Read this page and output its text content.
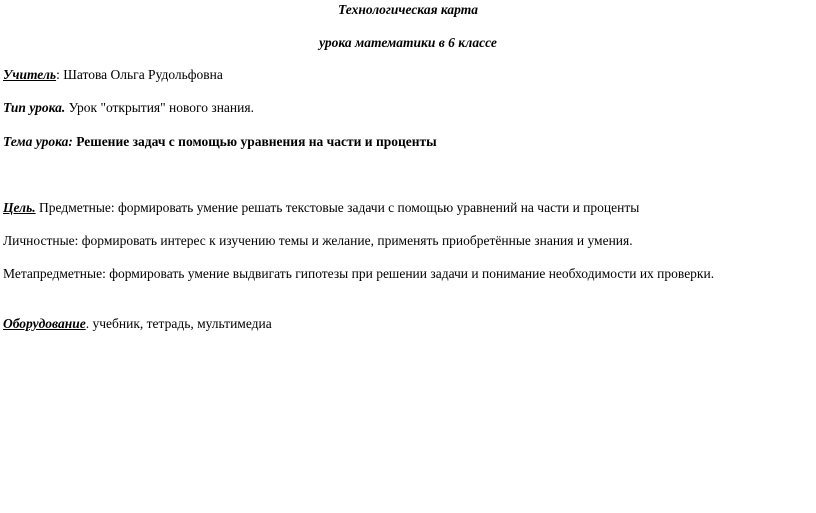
Технологическая карта
урока математики в 6 классе
Учитель: Шатова Ольга Рудольфовна
Тип урока. Урок "открытия" нового знания.
Тема урока: Решение задач с помощью уравнения на части и проценты
Цель. Предметные: формировать умение решать текстовые задачи с помощью уравнений на части и проценты
Личностные: формировать интерес к изучению темы и желание, применять приобретённые знания и умения.
Метапредметные: формировать умение выдвигать гипотезы при решении задачи и понимание необходимости их проверки.
Оборудование. учебник, тетрадь, мультимедиа
